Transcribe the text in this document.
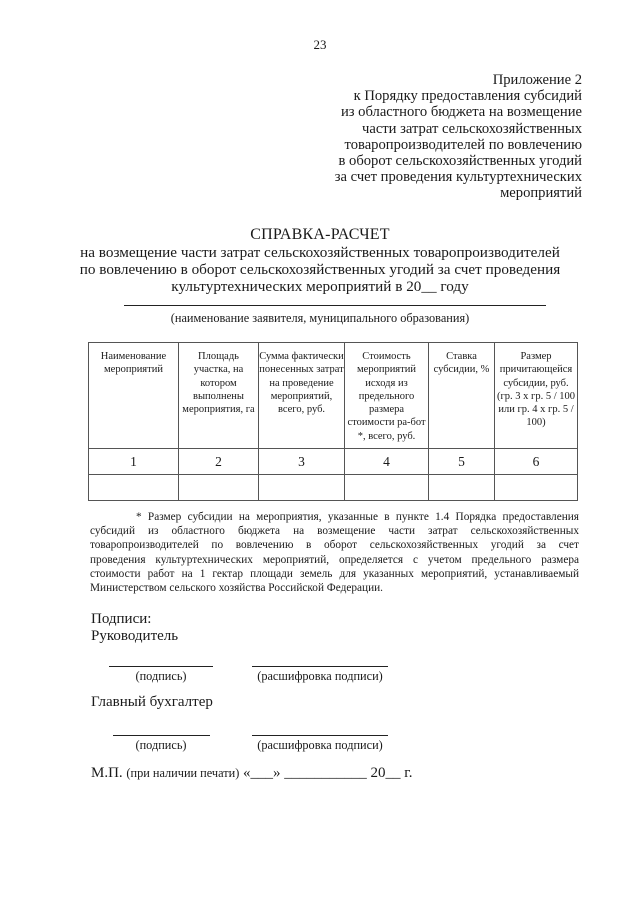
23
Приложение 2
к Порядку предоставления субсидий
из областного бюджета на возмещение
части затрат сельскохозяйственных
товаропроизводителей по вовлечению
в оборот сельскохозяйственных угодий
за счет проведения культуртехнических
мероприятий
СПРАВКА-РАСЧЕТ
на возмещение части затрат сельскохозяйственных товаропроизводителей
по вовлечению в оборот сельскохозяйственных угодий за счет проведения
культуртехнических мероприятий в 20__ году
(наименование заявителя, муниципального образования)
Наименование мероприятий	Площадь участка, на котором выполнены мероприятия, га	Сумма фактически понесенных затрат на проведение мероприятий, всего, руб.	Стоимость мероприятий исходя из предельного размера стоимости ра-бот *, всего, руб.	Ставка субсидии, %	Размер причитающейся субсидии, руб. (гр. 3 х гр. 5 / 100 или гр. 4 х гр. 5 / 100)
1	2	3	4	5	6

* Размер субсидии на мероприятия, указанные в пункте 1.4 Порядка предоставления
субсидий из областного бюджета на возмещение части затрат сельскохозяйственных
товаропроизводителей по вовлечению в оборот сельскохозяйственных угодий за счет
проведения культуртехнических мероприятий, определяется с учетом предельного размера
стоимости работ на 1 гектар площади земель для указанных мероприятий, устанавливаемый
Министерством сельского хозяйства Российской Федерации.
Подписи:
Руководитель
(подпись)	(расшифровка подписи)
Главный бухгалтер
(подпись)	(расшифровка подписи)
М.П. (при наличии печати) «___» ___________ 20__ г.
